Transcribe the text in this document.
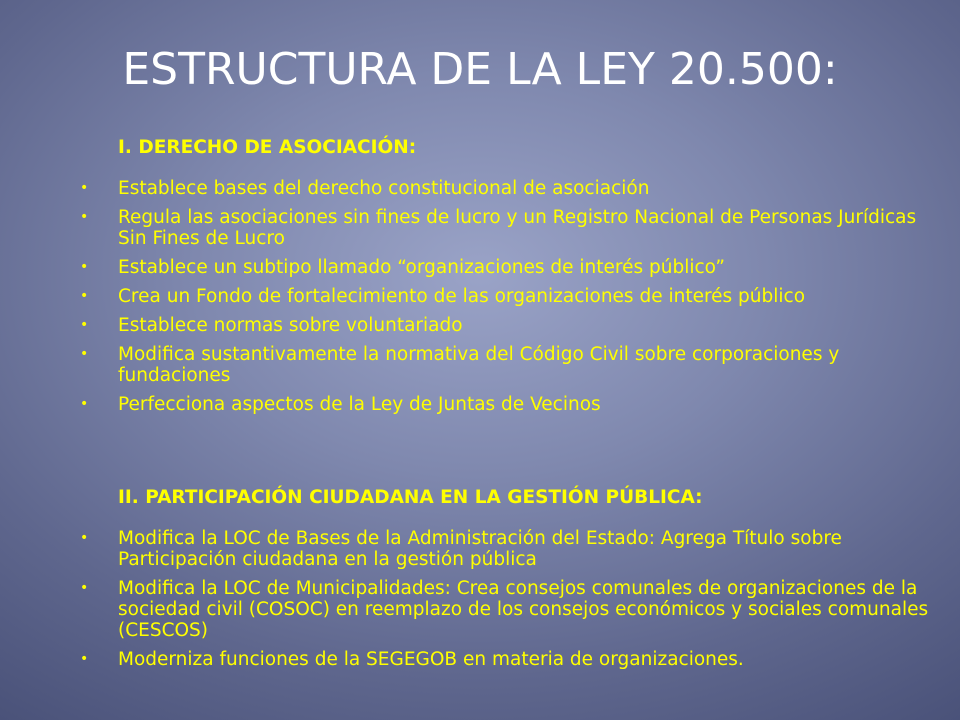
ESTRUCTURA DE LA LEY 20.500:
I. DERECHO DE ASOCIACIÓN:
• Establece bases del derecho constitucional de asociación
• Regula las asociaciones sin fines de lucro y un Registro Nacional de Personas Jurídicas Sin Fines de Lucro
• Establece un subtipo llamado “organizaciones de interés público”
• Crea un Fondo de fortalecimiento de las organizaciones de interés público
• Establece normas sobre voluntariado
• Modifica sustantivamente la normativa del Código Civil sobre corporaciones y fundaciones
• Perfecciona aspectos de la Ley de Juntas de Vecinos
II. PARTICIPACIÓN CIUDADANA EN LA GESTIÓN PÚBLICA:
• Modifica la LOC de Bases de la Administración del Estado: Agrega Título sobre Participación ciudadana en la gestión pública
• Modifica la LOC de Municipalidades: Crea consejos comunales de organizaciones de la sociedad civil (COSOC) en reemplazo de los consejos económicos y sociales comunales (CESCOS)
• Moderniza funciones de la SEGEGOB en materia de organizaciones.
